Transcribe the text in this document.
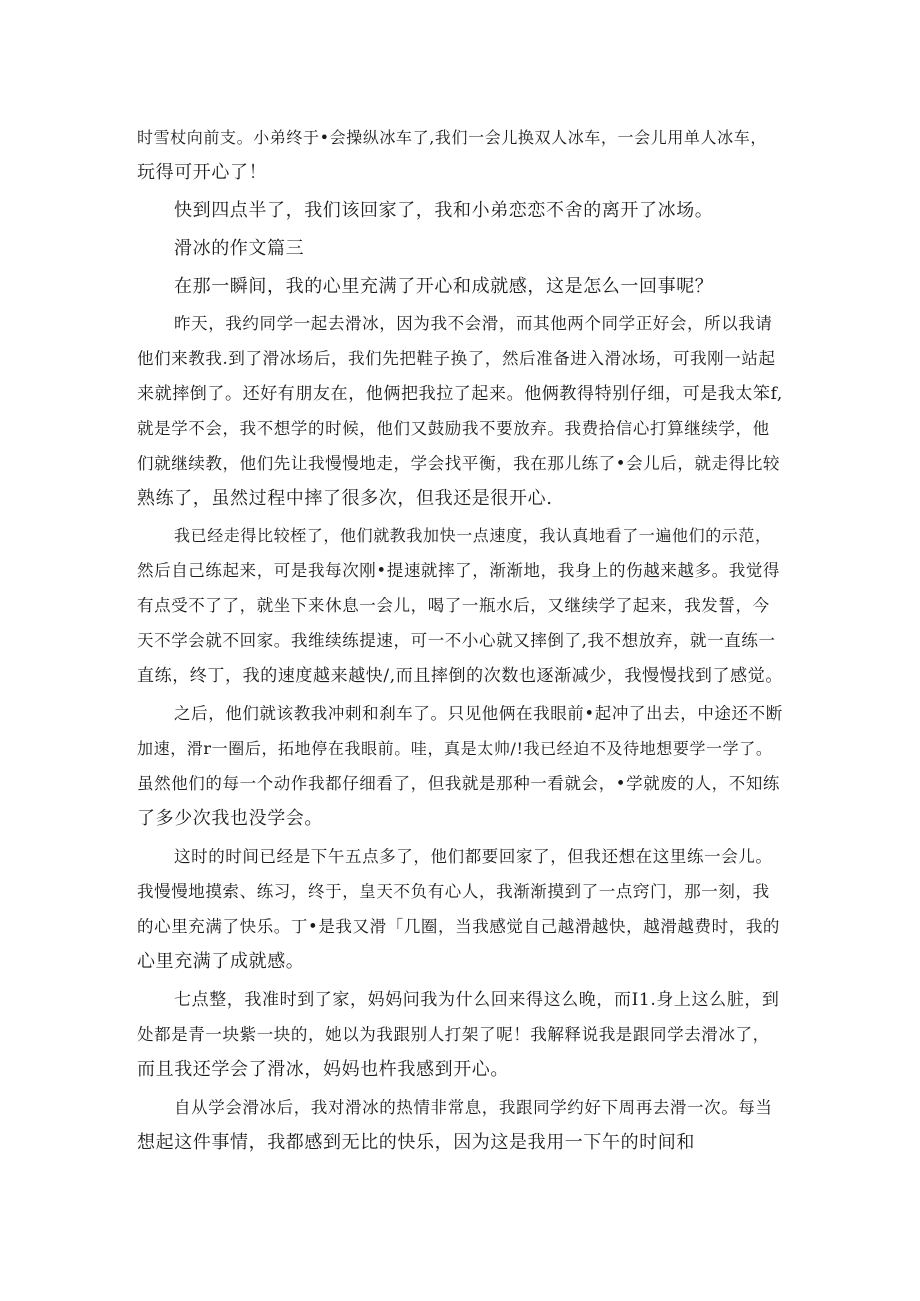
时雪杖向前支。小弟终于•会操纵冰车了,我们一会儿换双人冰车，一会儿用单人冰车，
玩得可开心了！
快到四点半了，我们该回家了，我和小弟恋恋不舍的离开了冰场。
滑冰的作文篇三
在那一瞬间，我的心里充满了开心和成就感，这是怎么一回事呢？
昨天，我约同学一起去滑冰，因为我不会滑，而其他两个同学正好会，所以我请
他们来教我.到了滑冰场后，我们先把鞋子换了，然后准备进入滑冰场，可我刚一站起
来就摔倒了。还好有朋友在，他俩把我拉了起来。他俩教得特别仔细，可是我太笨f,
就是学不会，我不想学的时候，他们又鼓励我不要放弃。我费拾信心打算继续学，他
们就继续教，他们先让我慢慢地走，学会找平衡，我在那儿练了•会儿后，就走得比较
熟练了，虽然过程中摔了很多次，但我还是很开心.
我已经走得比较桎了，他们就教我加快一点速度，我认真地看了一遍他们的示范，
然后自己练起来，可是我每次刚•提速就摔了，渐渐地，我身上的伤越来越多。我觉得
有点受不了了，就坐下来休息一会儿，喝了一瓶水后，又继续学了起来，我发誓，今
天不学会就不回家。我维续练提速，可一不小心就又摔倒了,我不想放弃，就一直练一
直练，终丁，我的速度越来越快/,而且摔倒的次数也逐渐减少，我慢慢找到了感觉。
之后，他们就该教我冲刺和刹车了。只见他俩在我眼前•起冲了出去，中途还不断
加速，滑r一圈后，拓地停在我眼前。哇，真是太帅/!我已经迫不及待地想要学一学了。
虽然他们的每一个动作我都仔细看了，但我就是那种一看就会，•学就废的人，不知练
了多少次我也没学会。
这时的时间已经是下午五点多了，他们都要回家了，但我还想在这里练一会儿。
我慢慢地摸索、练习，终于，皇天不负有心人，我渐渐摸到了一点窍门，那一刻，我
的心里充满了快乐。丁•是我又滑「几圈，当我感觉自己越滑越快，越滑越费时，我的
心里充满了成就感。
七点整，我准时到了家，妈妈问我为什么回来得这么晚，而I1.身上这么脏，到
处都是青一块紫一块的，她以为我跟别人打架了呢！我解释说我是跟同学去滑冰了，
而且我还学会了滑冰，妈妈也杵我感到开心。
自从学会滑冰后，我对滑冰的热情非常息，我跟同学约好下周再去滑一次。每当
想起这件事情，我都感到无比的快乐，因为这是我用一下午的时间和
